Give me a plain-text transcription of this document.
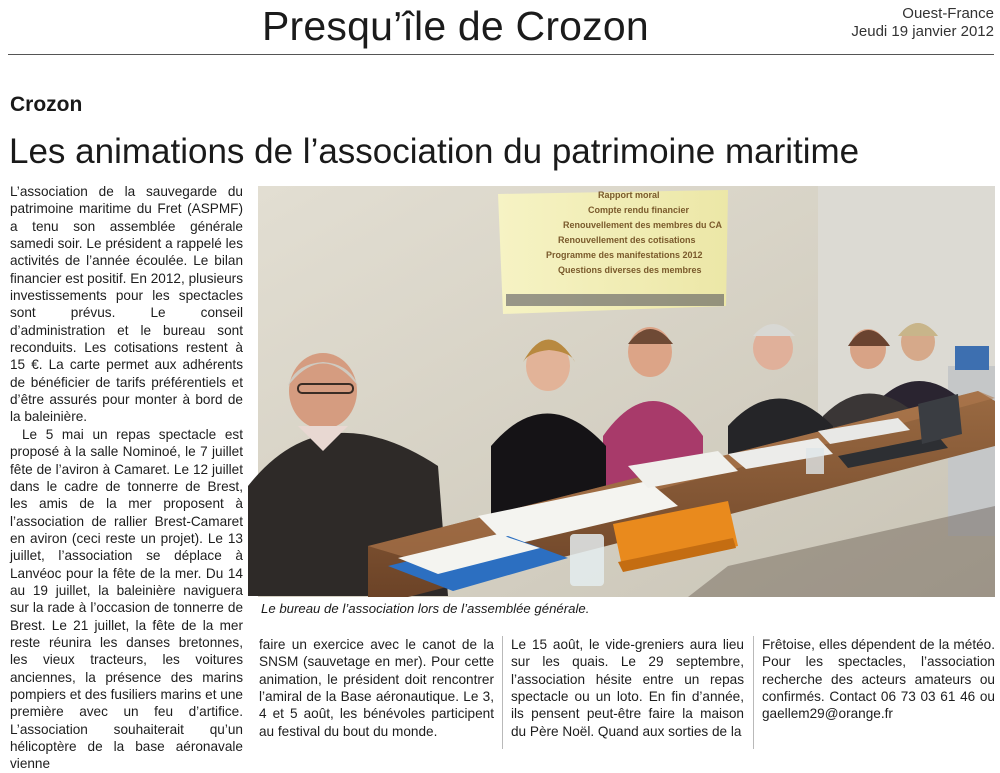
Presqu’île de Crozon	Ouest-France
Jeudi 19 janvier 2012
Crozon
Les animations de l’association du patrimoine maritime

L’association de la sauvegarde du patrimoine maritime du Fret (ASPMF) a tenu son assemblée générale samedi soir. Le président a rappelé les activités de l’année écoulée. Le bilan financier est positif. En 2012, plusieurs investissements pour les spectacles sont prévus. Le conseil d’administration et le bureau sont reconduits. Les cotisations restent à 15 €. La carte permet aux adhérents de bénéficier de tarifs préférentiels et d’être assurés pour monter à bord de la baleinière.

Le 5 mai un repas spectacle est proposé à la salle Nominoé, le 7 juillet fête de l’aviron à Camaret. Le 12 juillet dans le cadre de tonnerre de Brest, les amis de la mer proposent à l’association de rallier Brest-Camaret en aviron (ceci reste un projet). Le 13 juillet, l’association se déplace à Lanvéoc pour la fête de la mer. Du 14 au 19 juillet, la baleinière naviguera sur la rade à l’occasion de tonnerre de Brest. Le 21 juillet, la fête de la mer reste réunira les danses bretonnes, les vieux tracteurs, les voitures anciennes, la présence des marins pompiers et des fusiliers marins et une première avec un feu d’artifice. L’association souhaiterait qu’un hélicoptère de la base aéronavale vienne

Rapport moral
Compte rendu financier
Renouvellement des membres du CA
Renouvellement des cotisations
Programme des manifestations 2012
Questions diverses des membres
Le bureau de l’association lors de l’assemblée générale.

faire un exercice avec le canot de la SNSM (sauvetage en mer). Pour cette animation, le président doit rencontrer l’amiral de la Base aéronautique. Le 3, 4 et 5 août, les bénévoles participent au festival du bout du monde.

Le 15 août, le vide-greniers aura lieu sur les quais. Le 29 septembre, l’association hésite entre un repas spectacle ou un loto. En fin d’année, ils pensent peut-être faire la maison du Père Noël. Quand aux sorties de la

Frêtoise, elles dépendent de la météo. Pour les spectacles, l’association recherche des acteurs amateurs ou confirmés. Contact 06 73 03 61 46 ou gaellem29@orange.fr
